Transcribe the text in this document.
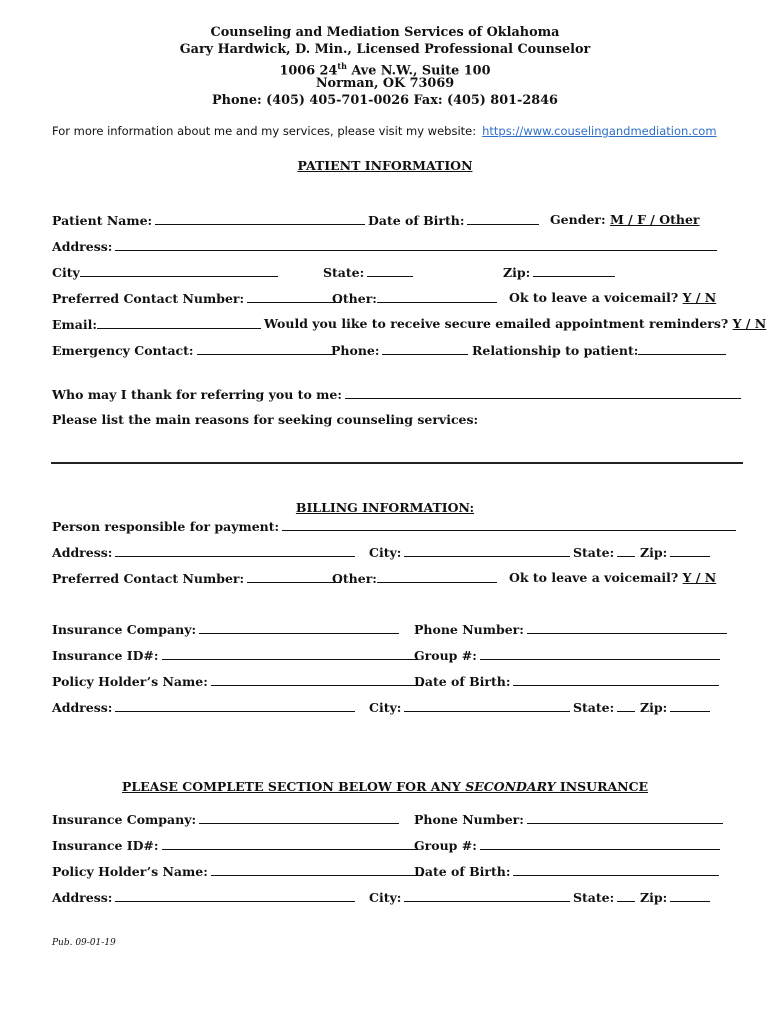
Counseling and Mediation Services of Oklahoma
Gary Hardwick, D. Min., Licensed Professional Counselor
1006 24th Ave N.W., Suite 100
Norman, OK 73069
Phone: (405) 405-701-0026 Fax: (405) 801-2846
For more information about me and my services, please visit my website: https://www.couselingandmediation.com
PATIENT INFORMATION
Patient Name:	Date of Birth:	Gender: M / F / Other
Address:
City	State:	Zip:
Preferred Contact Number:	Other:	Ok to leave a voicemail? Y / N
Email:	Would you like to receive secure emailed appointment reminders? Y / N
Emergency Contact:	Phone:	Relationship to patient:
Who may I thank for referring you to me:
Please list the main reasons for seeking counseling services:
BILLING INFORMATION:
Person responsible for payment:
Address:	City:	State:	Zip:
Preferred Contact Number:	Other:	Ok to leave a voicemail? Y / N
Insurance Company:	Phone Number:
Insurance ID#:	Group #:
Policy Holder’s Name:	Date of Birth:
Address:	City:	State:	Zip:
PLEASE COMPLETE SECTION BELOW FOR ANY SECONDARY INSURANCE
Insurance Company:	Phone Number:
Insurance ID#:	Group #:
Policy Holder’s Name:	Date of Birth:
Address:	City:	State:	Zip:
Pub. 09-01-19
